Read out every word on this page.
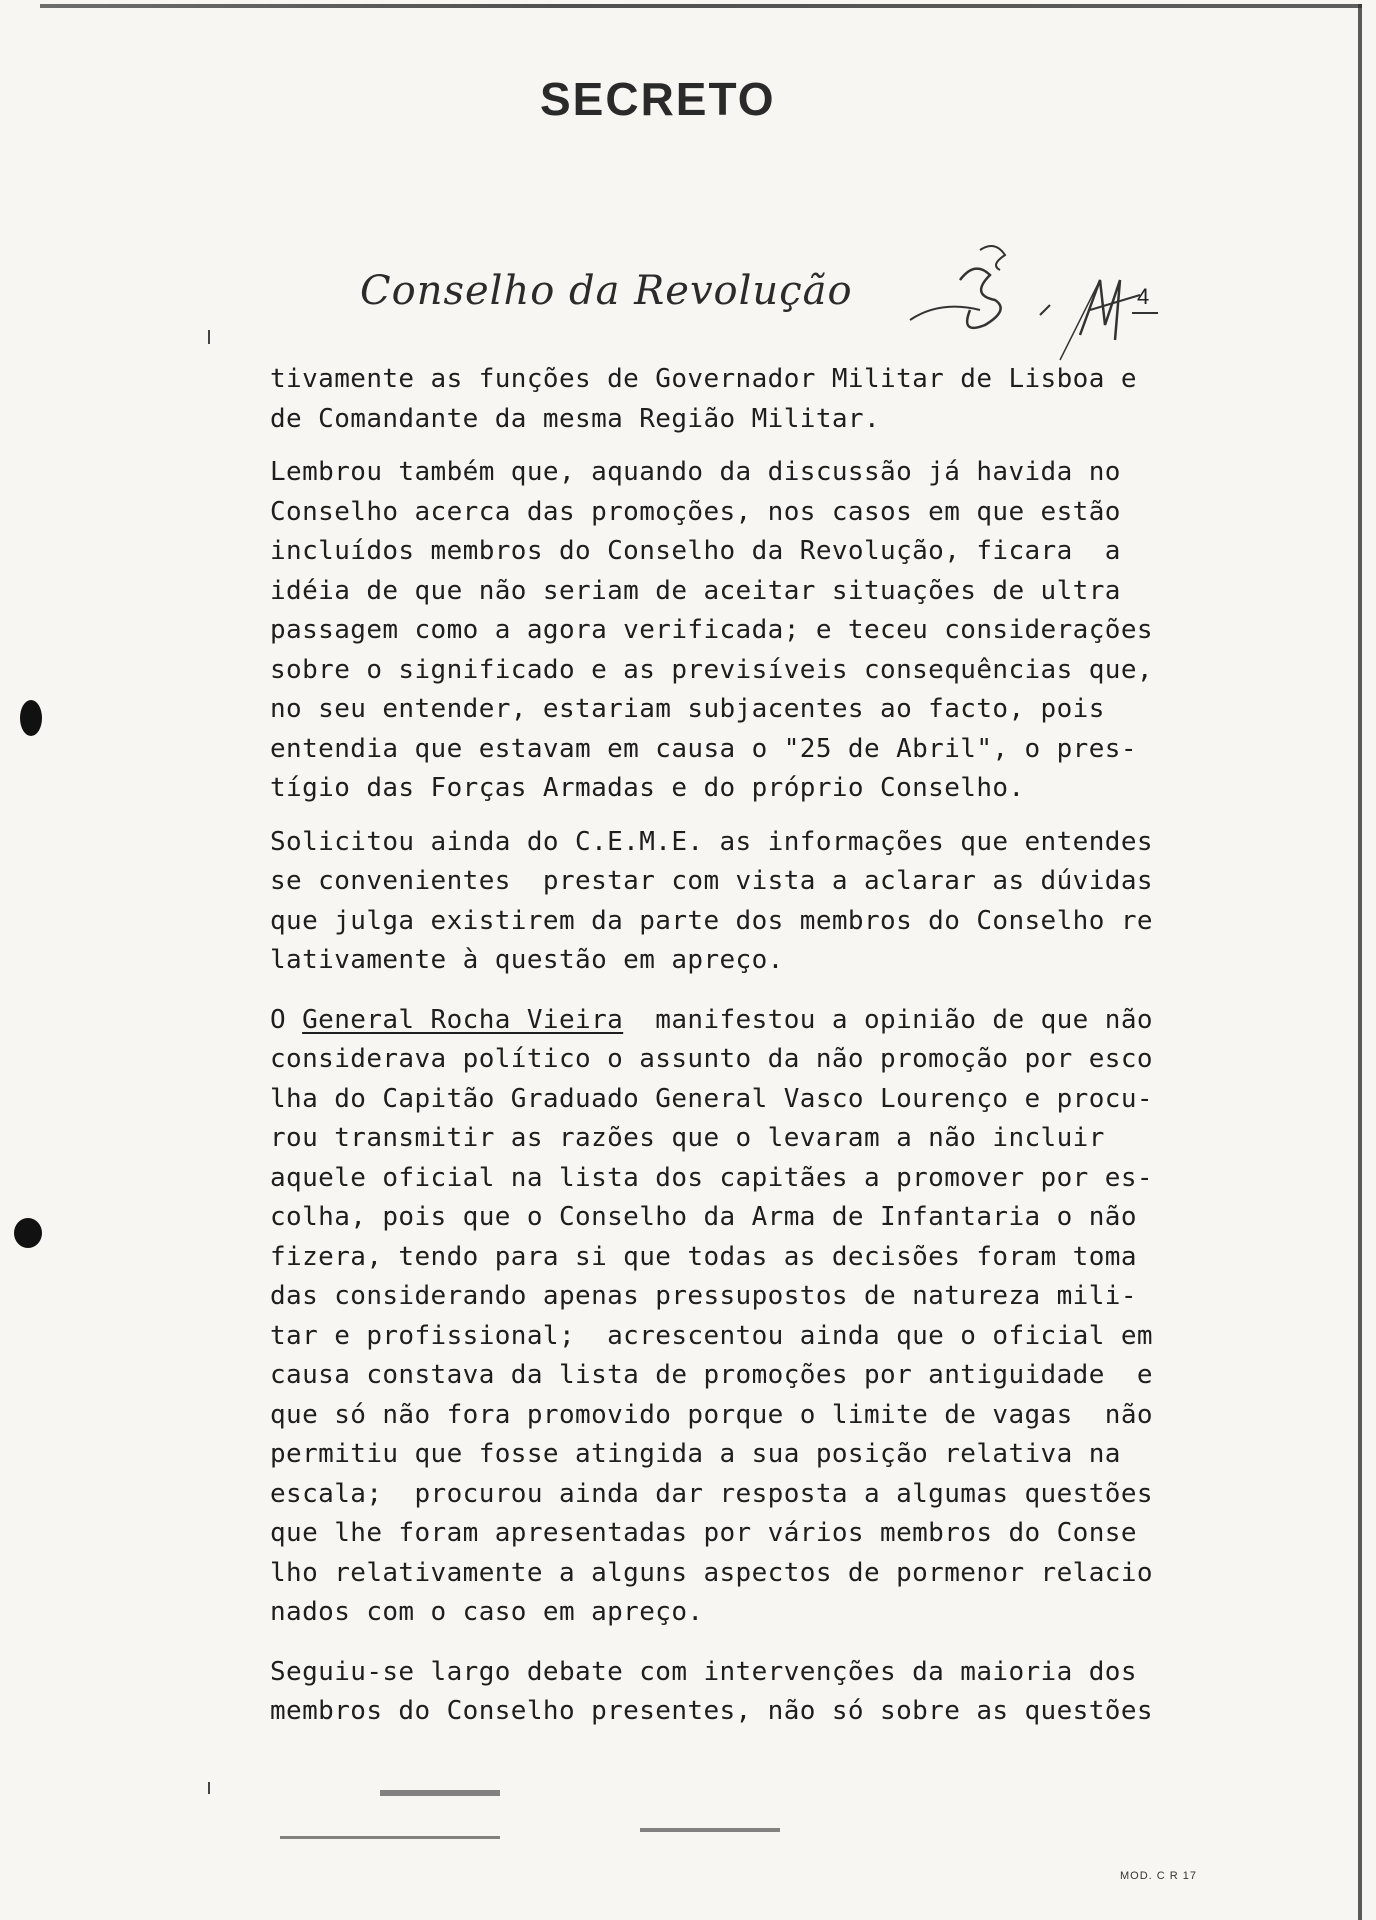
SECRETO
Conselho da Revolução	4
tivamente as funções de Governador Militar de Lisboa e
de Comandante da mesma Região Militar.
Lembrou também que, aquando da discussão já havida no
Conselho acerca das promoções, nos casos em que estão
incluídos membros do Conselho da Revolução, ficara  a
idéia de que não seriam de aceitar situações de ultra
passagem como a agora verificada; e teceu considerações
sobre o significado e as previsíveis consequências que,
no seu entender, estariam subjacentes ao facto, pois
entendia que estavam em causa o "25 de Abril", o pres-
tígio das Forças Armadas e do próprio Conselho.
Solicitou ainda do C.E.M.E. as informações que entendes
se convenientes  prestar com vista a aclarar as dúvidas
que julga existirem da parte dos membros do Conselho re
lativamente à questão em apreço.
O General Rocha Vieira  manifestou a opinião de que não
considerava político o assunto da não promoção por esco
lha do Capitão Graduado General Vasco Lourenço e procu-
rou transmitir as razões que o levaram a não incluir
aquele oficial na lista dos capitães a promover por es-
colha, pois que o Conselho da Arma de Infantaria o não
fizera, tendo para si que todas as decisões foram toma
das considerando apenas pressupostos de natureza mili-
tar e profissional;  acrescentou ainda que o oficial em
causa constava da lista de promoções por antiguidade  e
que só não fora promovido porque o limite de vagas  não
permitiu que fosse atingida a sua posição relativa na
escala;  procurou ainda dar resposta a algumas questões
que lhe foram apresentadas por vários membros do Conse
lho relativamente a alguns aspectos de pormenor relacio
nados com o caso em apreço.
Seguiu-se largo debate com intervenções da maioria dos
membros do Conselho presentes, não só sobre as questões
MOD. C R 17
